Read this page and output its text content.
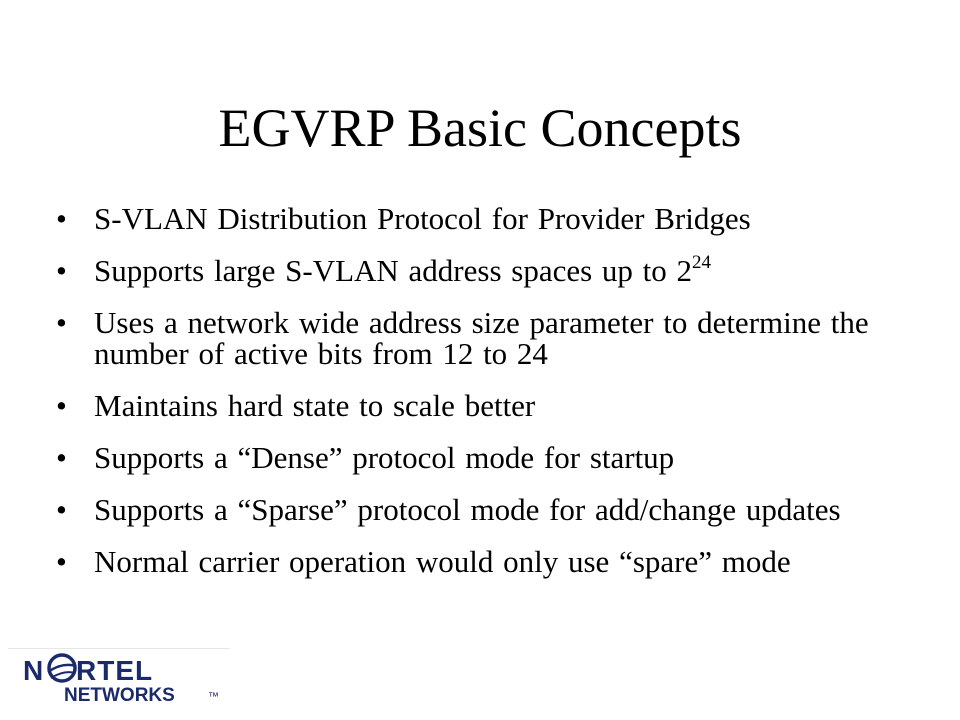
EGVRP Basic Concepts
• S-VLAN Distribution Protocol for Provider Bridges
• Supports large S-VLAN address spaces up to $2^{24}$
• Uses a network wide address size parameter to determine the number of active bits from 12 to 24
• Maintains hard state to scale better
• Supports a “Dense” protocol mode for startup
• Supports a “Sparse” protocol mode for add/change updates
• Normal carrier operation would only use “spare” mode
N RTEL
NETWORKS	™
